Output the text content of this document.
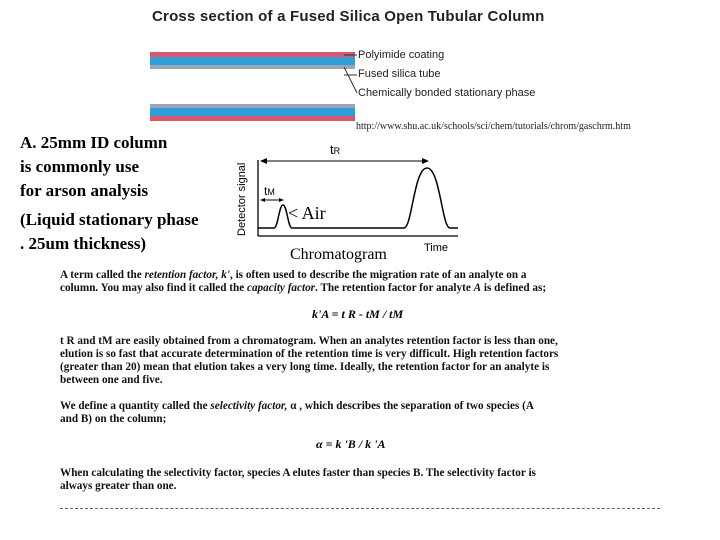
Cross section of a Fused Silica Open Tubular Column
Polyimide coating
Fused silica tube
Chemically bonded stationary phase
http://www.shu.ac.uk/schools/sci/chem/tutorials/chrom/gaschrm.htm
A. 25mm ID column
is commonly use
for arson analysis
(Liquid stationary phase
. 25um thickness)
Detector signal
tR
tM
Time
< Air
Chromatogram
A term called the retention factor, k', is often used to describe the migration rate of an analyte on a
column. You may also find it called the capacity factor. The retention factor for analyte A is defined as;
k'A = t R - tM / tM
t R and tM are easily obtained from a chromatogram. When an analytes retention factor is less than one,
elution is so fast that accurate determination of the retention time is very difficult. High retention factors
(greater than 20) mean that elution takes a very long time. Ideally, the retention factor for an analyte is
between one and five.
We define a quantity called the selectivity factor, α , which describes the separation of two species (A
and B) on the column;
α = k 'B / k 'A
When calculating the selectivity factor, species A elutes faster than species B. The selectivity factor is
always greater than one.
